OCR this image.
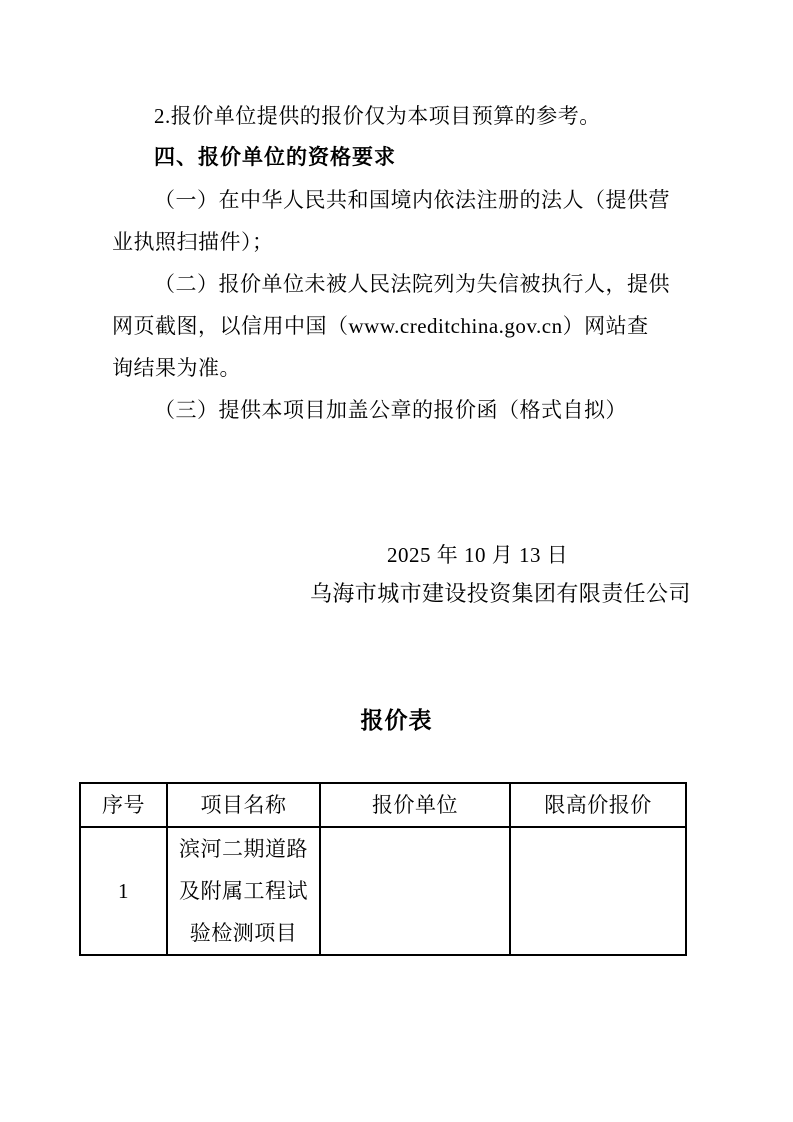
2.报价单位提供的报价仅为本项目预算的参考。
四、报价单位的资格要求
（一）在中华人民共和国境内依法注册的法人（提供营
业执照扫描件）；
（二）报价单位未被人民法院列为失信被执行人，提供
网页截图，以信用中国（www.creditchina.gov.cn）网站查
询结果为准。
（三）提供本项目加盖公章的报价函（格式自拟）
2025 年 10 月 13 日
乌海市城市建设投资集团有限责任公司
报价表
序号	项目名称	报价单位	限高价报价
1	滨河二期道路及附属工程试验检测项目		
